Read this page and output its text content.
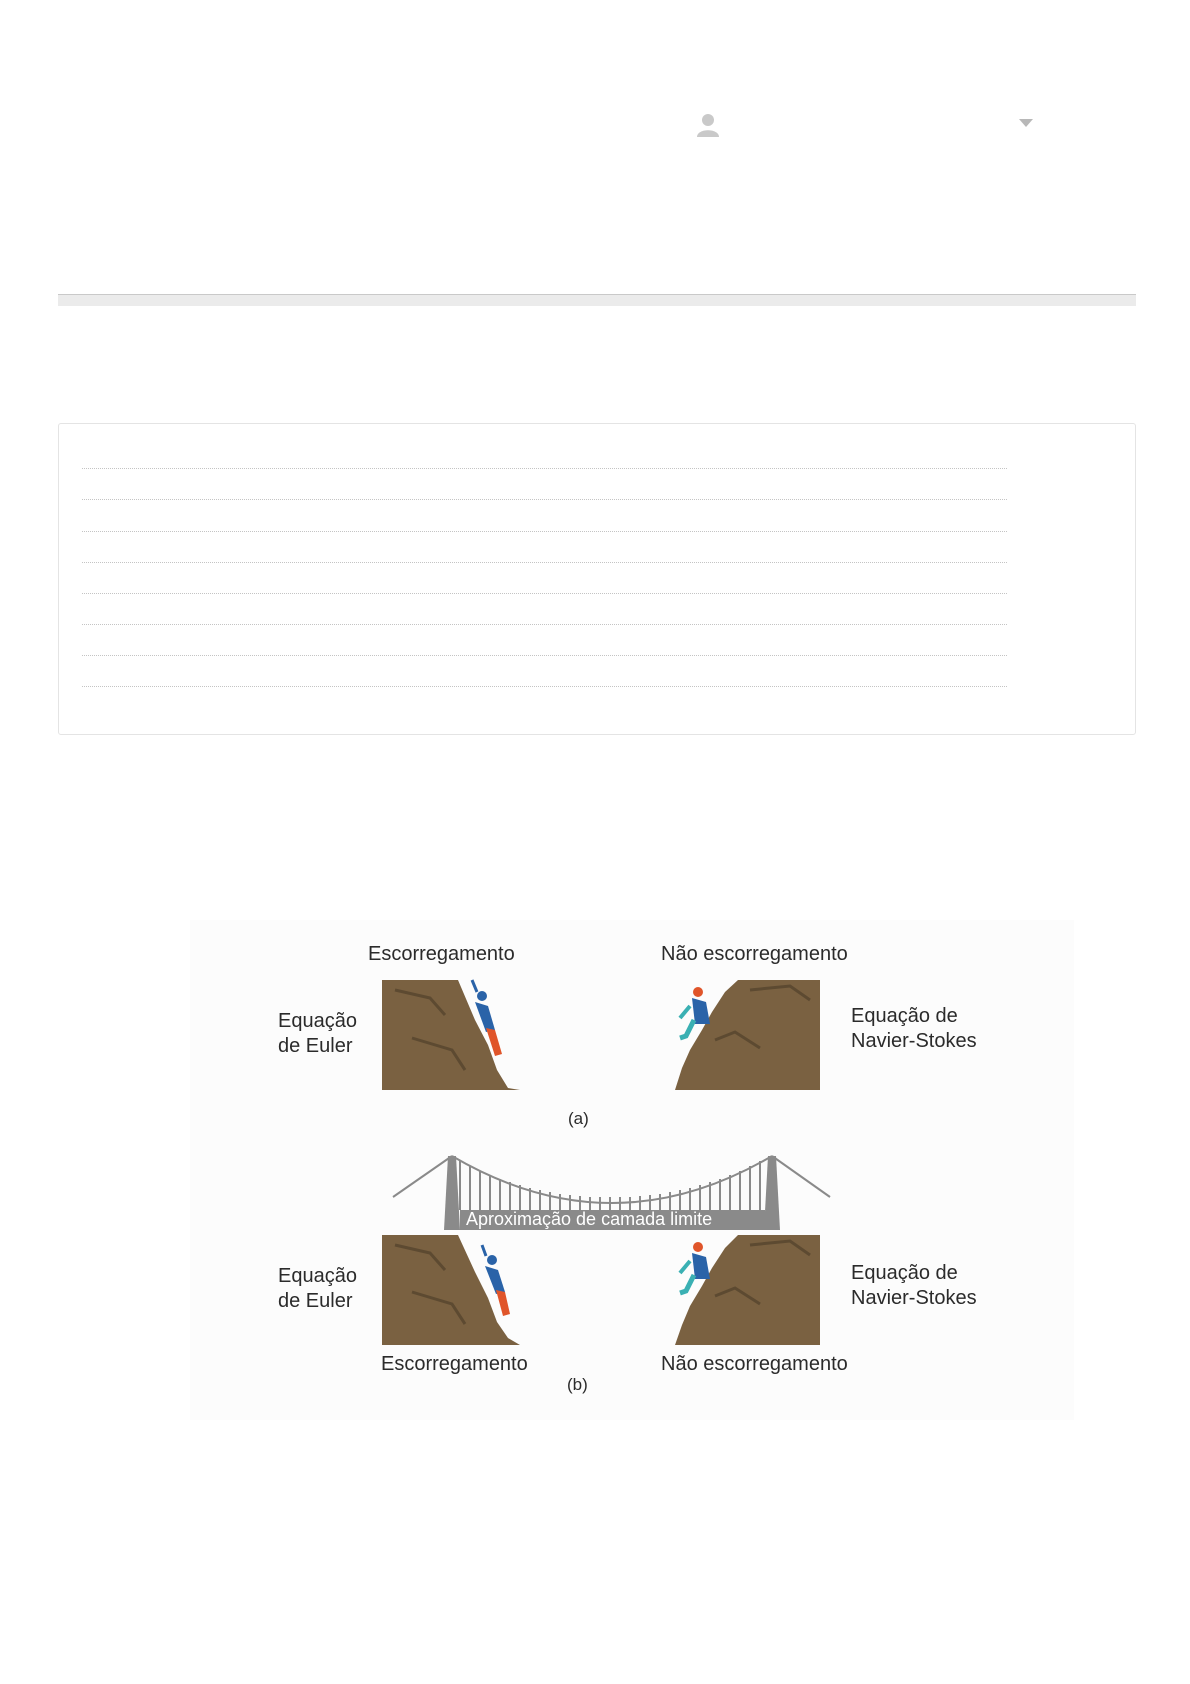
Escorregamento	Não escorregamento
Equação
de Euler
Equação de
Navier-Stokes
(a)
Aproximação de camada limite
Equação
de Euler
Equação de
Navier-Stokes
Escorregamento	Não escorregamento
(b)
